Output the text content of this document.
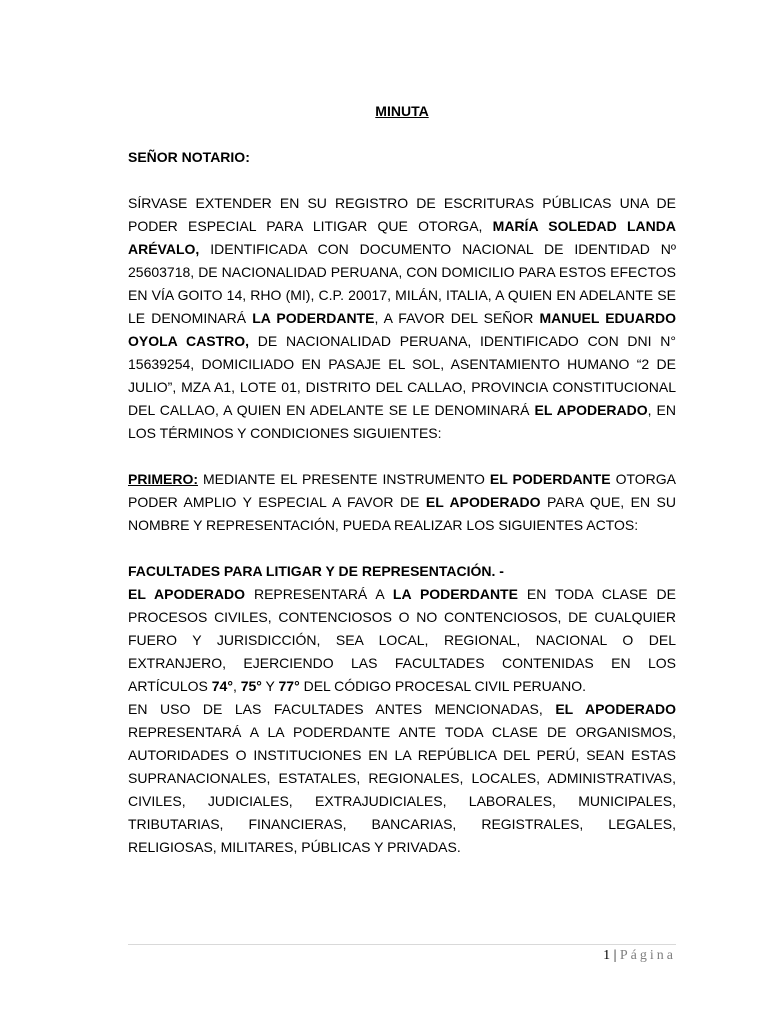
MINUTA
SEÑOR NOTARIO:

SÍRVASE EXTENDER EN SU REGISTRO DE ESCRITURAS PÚBLICAS UNA DE PODER ESPECIAL PARA LITIGAR QUE OTORGA, MARÍA SOLEDAD LANDA ARÉVALO, IDENTIFICADA CON DOCUMENTO NACIONAL DE IDENTIDAD Nº 25603718, DE NACIONALIDAD PERUANA, CON DOMICILIO PARA ESTOS EFECTOS EN VÍA GOITO 14, RHO (MI), C.P. 20017, MILÁN, ITALIA, A QUIEN EN ADELANTE SE LE DENOMINARÁ LA PODERDANTE, A FAVOR DEL SEÑOR MANUEL EDUARDO OYOLA CASTRO, DE NACIONALIDAD PERUANA, IDENTIFICADO CON DNI N° 15639254, DOMICILIADO EN PASAJE EL SOL, ASENTAMIENTO HUMANO “2 DE JULIO”, MZA A1, LOTE 01, DISTRITO DEL CALLAO, PROVINCIA CONSTITUCIONAL DEL CALLAO, A QUIEN EN ADELANTE SE LE DENOMINARÁ EL APODERADO, EN LOS TÉRMINOS Y CONDICIONES SIGUIENTES:

PRIMERO: MEDIANTE EL PRESENTE INSTRUMENTO EL PODERDANTE OTORGA PODER AMPLIO Y ESPECIAL A FAVOR DE EL APODERADO PARA QUE, EN SU NOMBRE Y REPRESENTACIÓN, PUEDA REALIZAR LOS SIGUIENTES ACTOS:

FACULTADES PARA LITIGAR Y DE REPRESENTACIÓN. -

EL APODERADO REPRESENTARÁ A LA PODERDANTE EN TODA CLASE DE PROCESOS CIVILES, CONTENCIOSOS O NO CONTENCIOSOS, DE CUALQUIER FUERO Y JURISDICCIÓN, SEA LOCAL, REGIONAL, NACIONAL O DEL EXTRANJERO, EJERCIENDO LAS FACULTADES CONTENIDAS EN LOS ARTÍCULOS 74°, 75° Y 77° DEL CÓDIGO PROCESAL CIVIL PERUANO.

EN USO DE LAS FACULTADES ANTES MENCIONADAS, EL APODERADO REPRESENTARÁ A LA PODERDANTE ANTE TODA CLASE DE ORGANISMOS, AUTORIDADES O INSTITUCIONES EN LA REPÚBLICA DEL PERÚ, SEAN ESTAS SUPRANACIONALES, ESTATALES, REGIONALES, LOCALES, ADMINISTRATIVAS, CIVILES, JUDICIALES, EXTRAJUDICIALES, LABORALES, MUNICIPALES, TRIBUTARIAS, FINANCIERAS, BANCARIAS, REGISTRALES, LEGALES, RELIGIOSAS, MILITARES, PÚBLICAS Y PRIVADAS.

1 | Página
